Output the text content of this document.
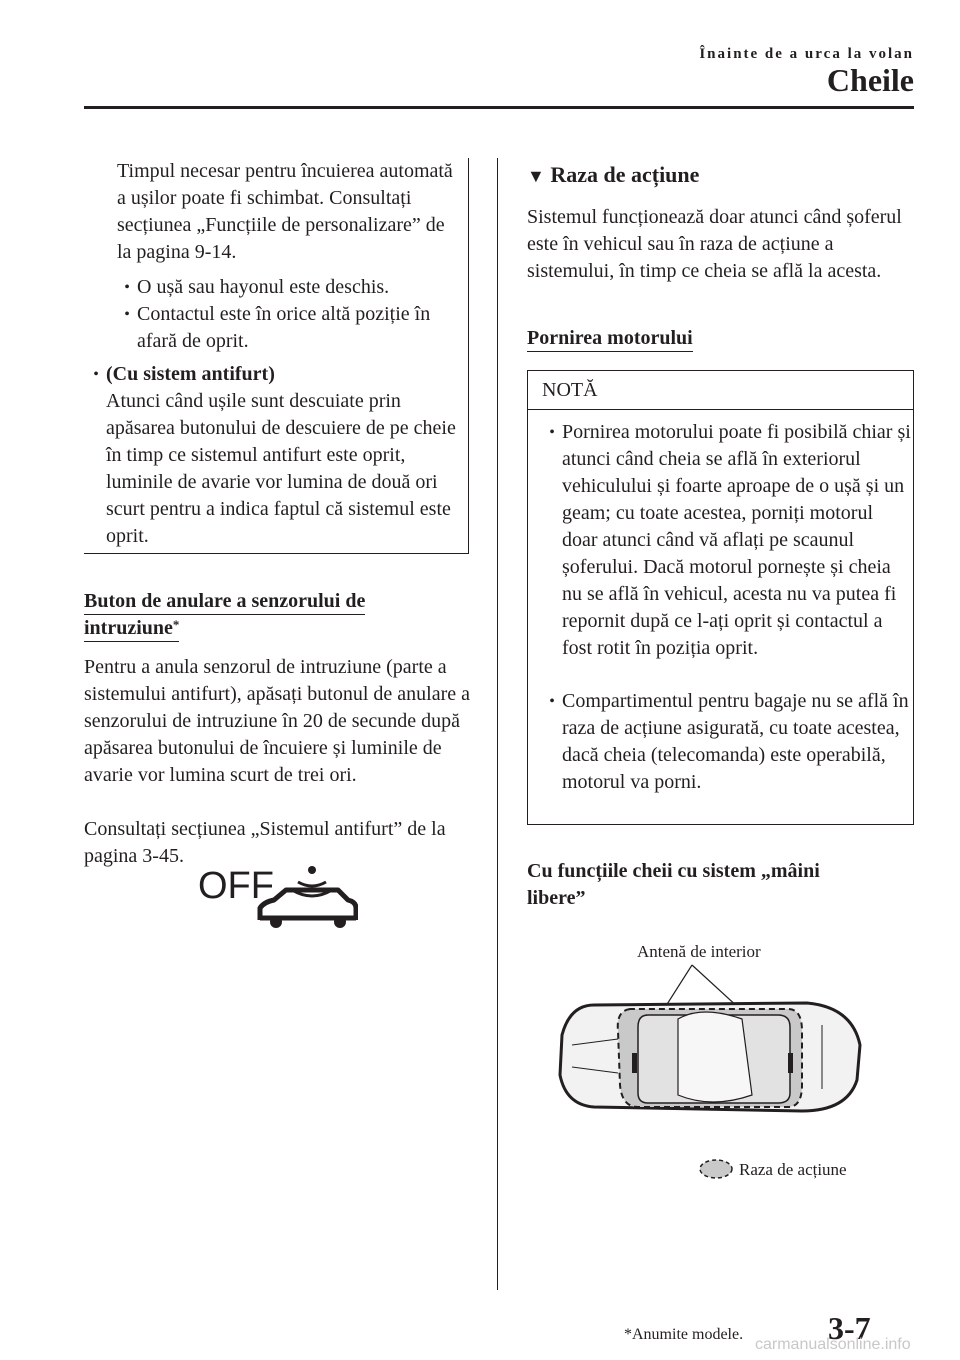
Înainte de a urca la volan
Cheile
Timpul necesar pentru încuierea automată a ușilor poate fi schimbat. Consultați secțiunea „Funcțiile de personalizare” de la pagina 9-14.
• O ușă sau hayonul este deschis.
• Contactul este în orice altă poziție în afară de oprit.
• (Cu sistem antifurt)
Atunci când ușile sunt descuiate prin apăsarea butonului de descuiere de pe cheie în timp ce sistemul antifurt este oprit, luminile de avarie vor lumina de două ori scurt pentru a indica faptul că sistemul este oprit.
Buton de anulare a senzorului de
intruziune*
Pentru a anula senzorul de intruziune (parte a sistemului antifurt), apăsați butonul de anulare a senzorului de intruziune în 20 de secunde după apăsarea butonului de încuiere și luminile de avarie vor lumina scurt de trei ori.
Consultați secțiunea „Sistemul antifurt” de la pagina 3-45.
OFF
▼ Raza de acțiune
Sistemul funcționează doar atunci când șoferul este în vehicul sau în raza de acțiune a sistemului, în timp ce cheia se află la acesta.
Pornirea motorului
NOTĂ
• Pornirea motorului poate fi posibilă chiar și atunci când cheia se află în exteriorul vehiculului și foarte aproape de o ușă și un geam; cu toate acestea, porniți motorul doar atunci când vă aflați pe scaunul șoferului. Dacă motorul pornește și cheia nu se află în vehicul, acesta nu va putea fi repornit după ce l-ați oprit și contactul a fost rotit în poziția oprit.
• Compartimentul pentru bagaje nu se află în raza de acțiune asigurată, cu toate acestea, dacă cheia (telecomanda) este operabilă, motorul va porni.
Cu funcțiile cheii cu sistem „mâini
libere”
Antenă de interior
Raza de acțiune
*Anumite modele.	3-7
carmanualsonline.info
